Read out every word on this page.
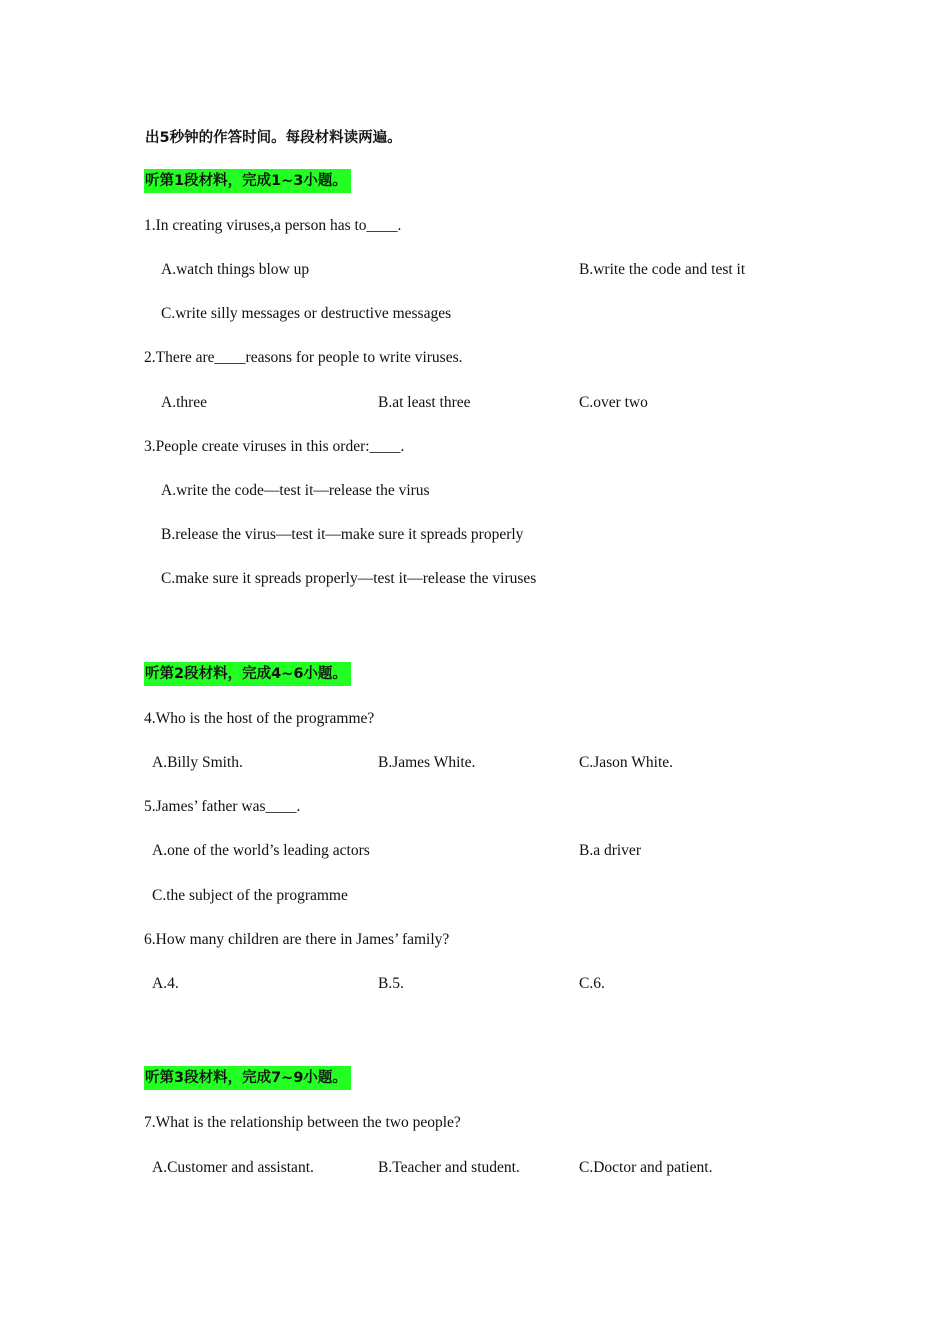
出5秒钟的作答时间。每段材料读两遍。
听第1段材料，完成1~3小题。
1.In creating viruses,a person has to____.
A.watch things blow up	B.write the code and test it
C.write silly messages or destructive messages
2.There are____reasons for people to write viruses.
A.three	B.at least three	C.over two
3.People create viruses in this order:____.
A.write the code—test it—release the virus
B.release the virus—test it—make sure it spreads properly
C.make sure it spreads properly—test it—release the viruses
听第2段材料，完成4~6小题。
4.Who is the host of the programme?
A.Billy Smith.	B.James White.	C.Jason White.
5.James’ father was____.
A.one of the world’s leading actors	B.a driver
C.the subject of the programme
6.How many children are there in James’ family?
A.4.	B.5.	C.6.
听第3段材料，完成7~9小题。
7.What is the relationship between the two people?
A.Customer and assistant.	B.Teacher and student.	C.Doctor and patient.
